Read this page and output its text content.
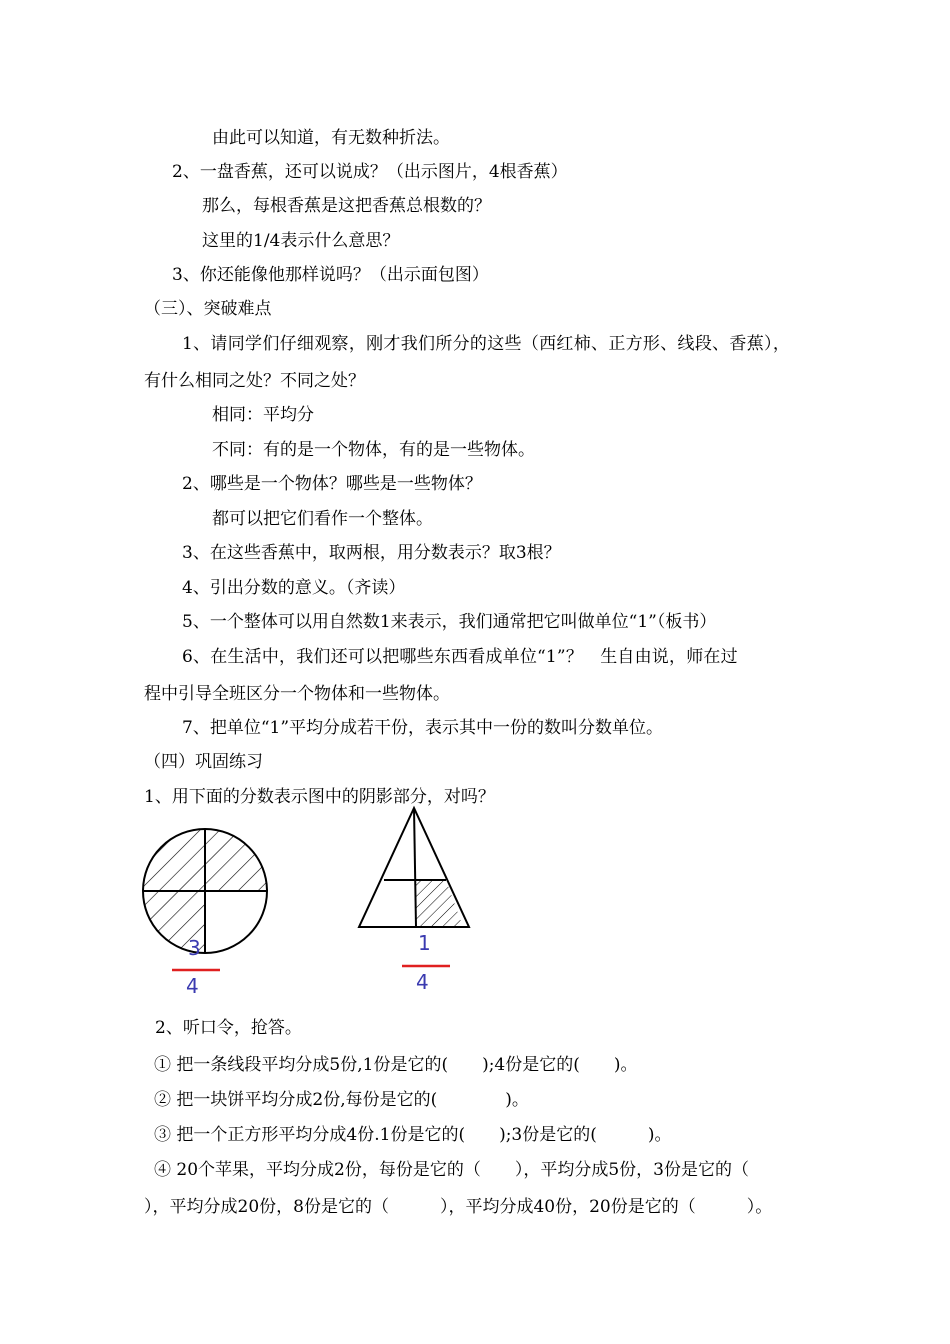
由此可以知道，有无数种折法。
2、一盘香蕉，还可以说成？（出示图片，4根香蕉）
那么，每根香蕉是这把香蕉总根数的？
这里的1/4表示什么意思？
3、你还能像他那样说吗？（出示面包图）
（三）、突破难点
1、请同学们仔细观察，刚才我们所分的这些（西红柿、正方形、线段、香蕉），
有什么相同之处？不同之处？
相同：平均分
不同：有的是一个物体，有的是一些物体。
2、哪些是一个物体？哪些是一些物体？
都可以把它们看作一个整体。
3、在这些香蕉中，取两根，用分数表示？取3根？
4、引出分数的意义。（齐读）
5、一个整体可以用自然数1来表示，我们通常把它叫做单位“1”（板书）
6、在生活中，我们还可以把哪些东西看成单位“1”？　生自由说，师在过
程中引导全班区分一个物体和一些物体。
7、把单位“1”平均分成若干份，表示其中一份的数叫分数单位。
（四）巩固练习
1、用下面的分数表示图中的阴影部分，对吗？
3
4
1
4
2、听口令，抢答。
① 把一条线段平均分成5份,1份是它的(　　);4份是它的(　　)。
② 把一块饼平均分成2份,每份是它的(　　　　)。
③ 把一个正方形平均分成4份.1份是它的(　　);3份是它的(　　　)。
④ 20个苹果，平均分成2份，每份是它的（　　），平均分成5份，3份是它的（
），平均分成20份，8份是它的（　　　），平均分成40份，20份是它的（　　　）。
